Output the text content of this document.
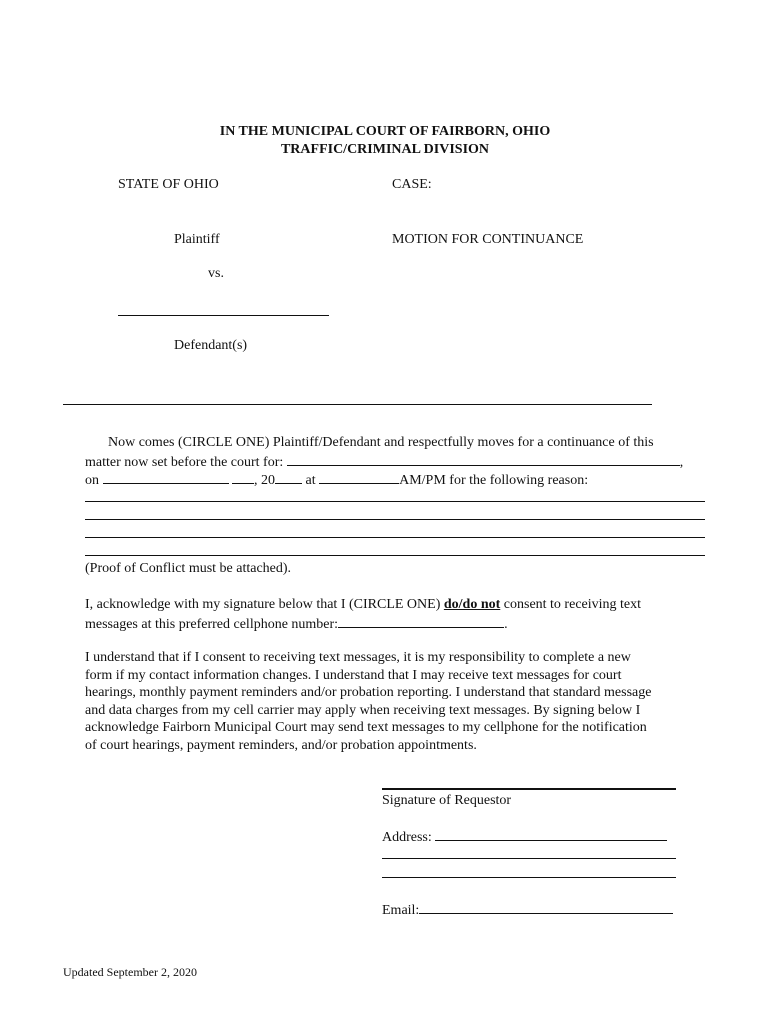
IN THE MUNICIPAL COURT OF FAIRBORN, OHIO
TRAFFIC/CRIMINAL DIVISION
STATE OF OHIO	CASE:
Plaintiff	MOTION FOR CONTINUANCE
vs.
Defendant(s)
Now comes (CIRCLE ONE) Plaintiff/Defendant and respectfully moves for a continuance of this
matter now set before the court for:	,
on	, 20 at	AM/PM for the following reason:
(Proof of Conflict must be attached).
I, acknowledge with my signature below that I (CIRCLE ONE) do/do not consent to receiving text
messages at this preferred cellphone number:	.
I understand that if I consent to receiving text messages, it is my responsibility to complete a new
form if my contact information changes. I understand that I may receive text messages for court
hearings, monthly payment reminders and/or probation reporting. I understand that standard message
and data charges from my cell carrier may apply when receiving text messages. By signing below I
acknowledge Fairborn Municipal Court may send text messages to my cellphone for the notification
of court hearings, payment reminders, and/or probation appointments.
Signature of Requestor
Address:
Email:
Updated September 2, 2020
